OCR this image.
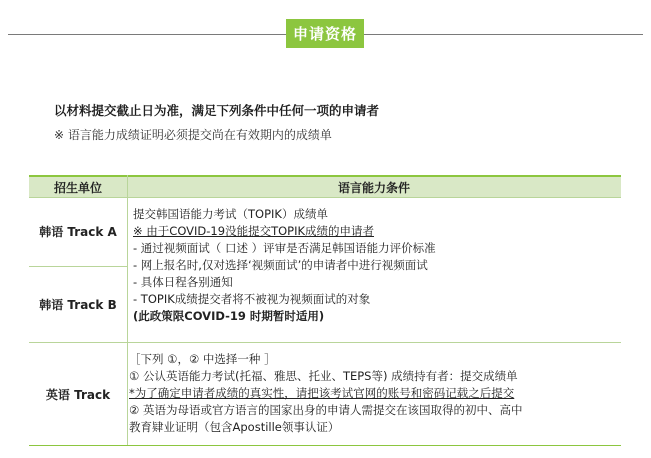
申请资格
以材料提交截止日为准，满足下列条件中任何一项的申请者
※ 语言能力成绩证明必须提交尚在有效期内的成绩单
招生单位	语言能力条件
韩语 Track A
韩语 Track B
英语 Track
提交韩国语能力考试（TOPIK）成绩单
※ 由于COVID-19没能提交TOPIK成绩的申请者
- 通过视频面试（ 口述 ）评审是否满足韩国语能力评价标准
- 网上报名时,仅对选择‘视频面试’的申请者中进行视频面试
- 具体日程各别通知
- TOPIK成绩提交者将不被视为视频面试的对象
(此政策限COVID-19 时期暂时适用)
［下列 ①，② 中选择一种 ］
① 公认英语能力考试(托福、雅思、托业、TEPS等) 成绩持有者：提交成绩单
*为了确定申请者成绩的真实性，请把该考试官网的账号和密码记载之后提交
② 英语为母语或官方语言的国家出身的申请人需提交在该国取得的初中、高中
教育肄业证明（包含Apostille领事认证）
